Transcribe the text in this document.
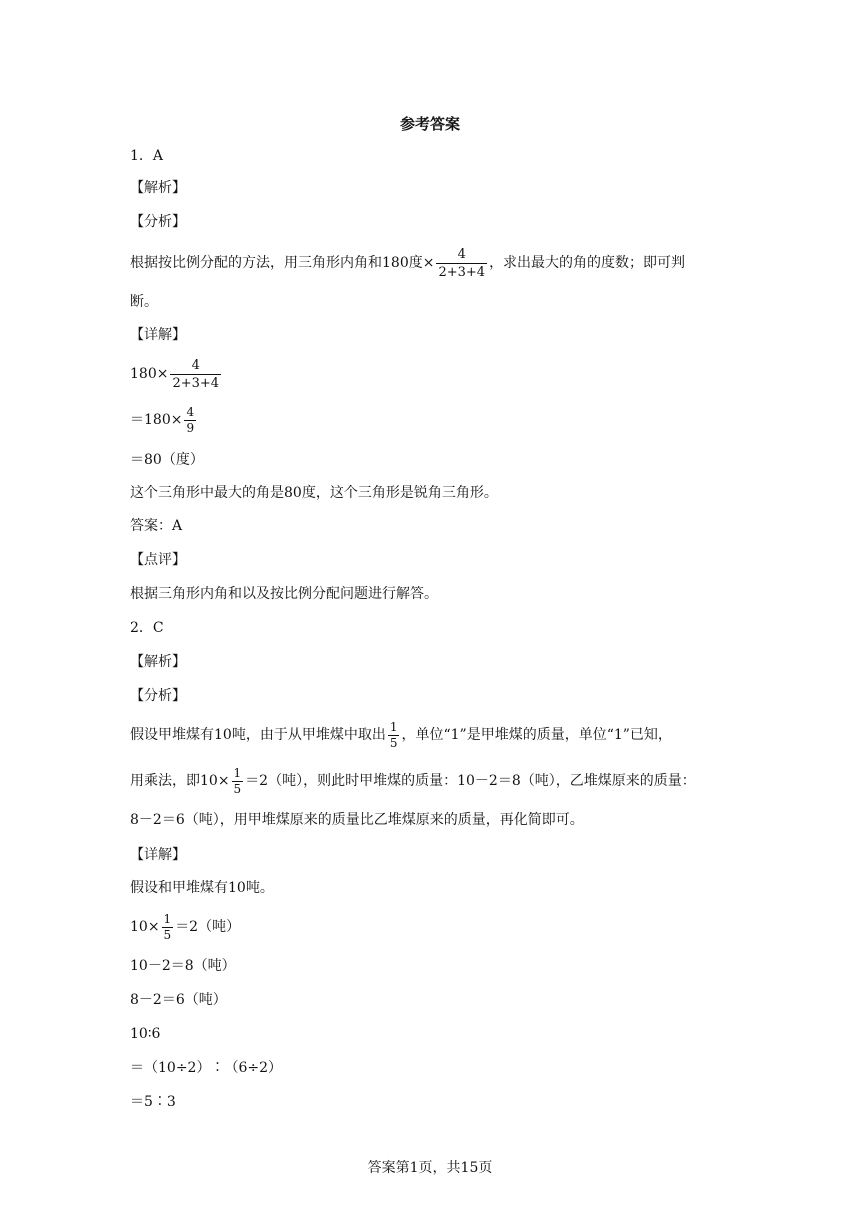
参考答案
1．A
【解析】
【分析】
根据按比例分配的方法，用三角形内角和180度× $\frac{4}{2+3+4}$ ，求出最大的角的度数；即可判
断。
【详解】
$180\times \frac{4}{2+3+4}$
$=180\times \frac{4}{9}$
＝80（度）
这个三角形中最大的角是80度，这个三角形是锐角三角形。
答案：A
【点评】
根据三角形内角和以及按比例分配问题进行解答。
2．C
【解析】
【分析】
假设甲堆煤有10吨，由于从甲堆煤中取出 $\frac{1}{5}$ ，单位“1”是甲堆煤的质量，单位“1”已知，
用乘法，即$10\times \frac{1}{5} =2$（吨），则此时甲堆煤的质量：10－2＝8（吨），乙堆煤原来的质量：
8－2＝6（吨），用甲堆煤原来的质量比乙堆煤原来的质量，再化简即可。
【详解】
假设和甲堆煤有10吨。
$10\times \frac{1}{5} =2$（吨）
10－2＝8（吨）
8－2＝6（吨）
10∶6
＝（10÷2）∶（6÷2）
＝5∶3
答案第1页，共15页
